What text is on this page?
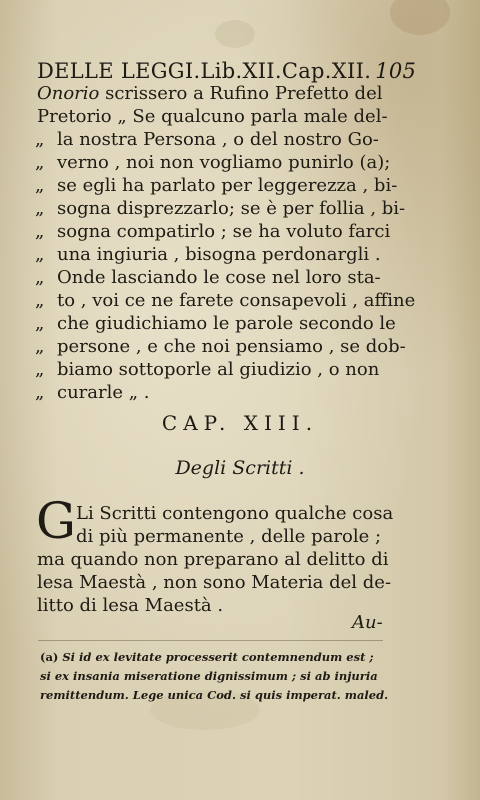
DELLE LEGGI.Lib.XII.Cap.XII. 105
Onorio scrissero a Rufino Prefetto del
Pretorio „ Se qualcuno parla male del-
„ la nostra Persona , o del nostro Go-
„ verno , noi non vogliamo punirlo (a);
„ se egli ha parlato per leggerezza , bi-
„ sogna disprezzarlo; se è per follia , bi-
„ sogna compatirlo ; se ha voluto farci
„ una ingiuria , bisogna perdonargli .
„ Onde lasciando le cose nel loro sta-
„ to , voi ce ne farete consapevoli , affine
„ che giudichiamo le parole secondo le
„ persone , e che noi pensiamo , se dob-
„ biamo sottoporle al giudizio , o non
„ curarle „ .
CAP. XIII.
Degli Scritti .
G Li Scritti contengono qualche cosa
di più permanente , delle parole ;
ma quando non preparano al delitto di
lesa Maestà , non sono Materia del de-
litto di lesa Maestà .
Au-
(a) Si id ex levitate processerit contemnendum est ;
si ex insania miseratione dignissimum ; si ab injuria
remittendum. Lege unica Cod. si quis imperat. maled.
